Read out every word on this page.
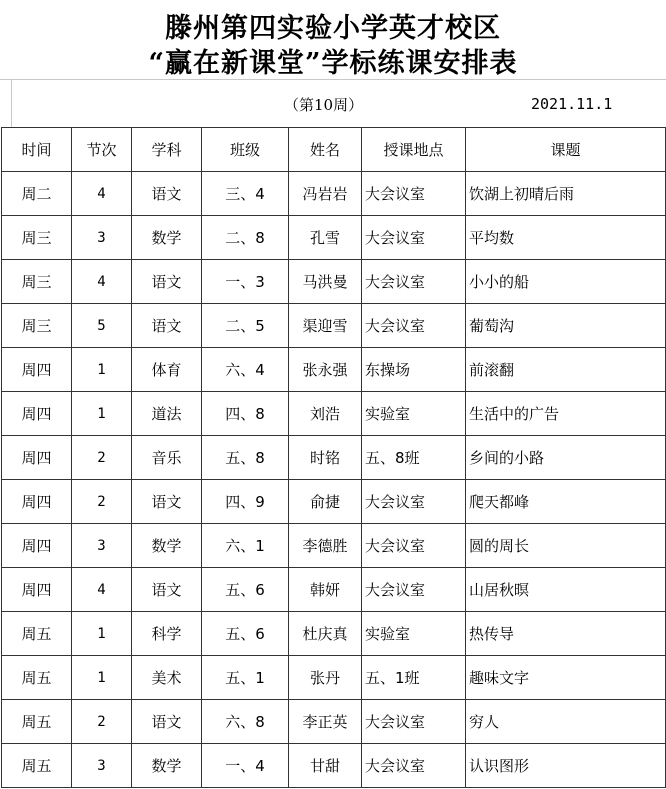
滕州第四实验小学英才校区
“赢在新课堂”学标练课安排表
（第10周）	2021.11.1
时间	节次	学科	班级	姓名	授课地点	课题
周二	4	语文	三、4	冯岩岩	大会议室	饮湖上初晴后雨
周三	3	数学	二、8	孔雪	大会议室	平均数
周三	4	语文	一、3	马洪曼	大会议室	小小的船
周三	5	语文	二、5	渠迎雪	大会议室	葡萄沟
周四	1	体育	六、4	张永强	东操场	前滚翻
周四	1	道法	四、8	刘浩	实验室	生活中的广告
周四	2	音乐	五、8	时铭	五、8班	乡间的小路
周四	2	语文	四、9	俞捷	大会议室	爬天都峰
周四	3	数学	六、1	李德胜	大会议室	圆的周长
周四	4	语文	五、6	韩妍	大会议室	山居秋暝
周五	1	科学	五、6	杜庆真	实验室	热传导
周五	1	美术	五、1	张丹	五、1班	趣味文字
周五	2	语文	六、8	李正英	大会议室	穷人
周五	3	数学	一、4	甘甜	大会议室	认识图形
